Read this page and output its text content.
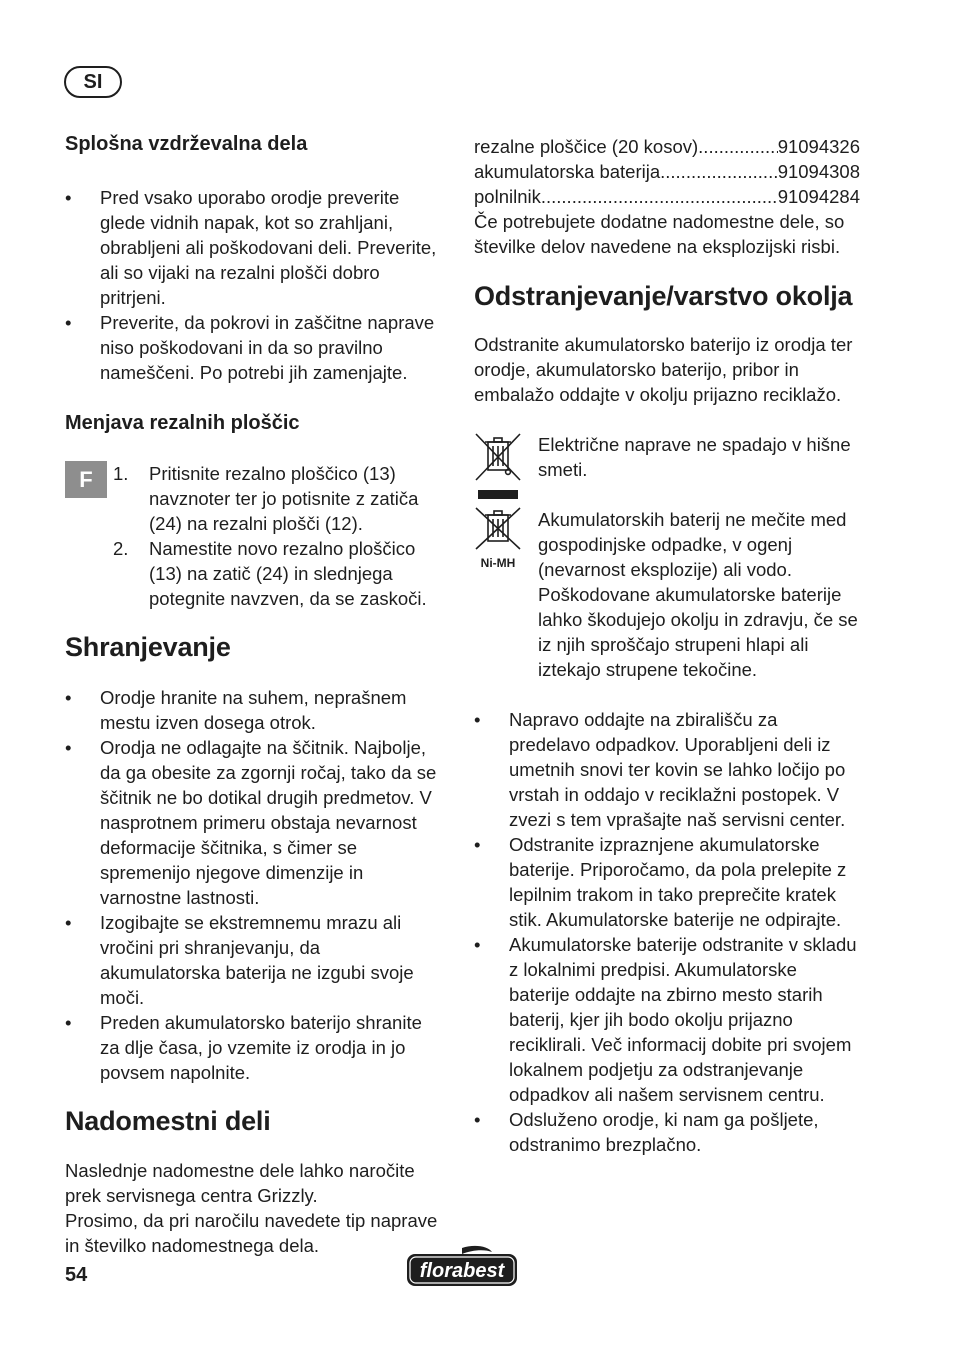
SI
Splošna vzdrževalna dela
• Pred vsako uporabo orodje preverite glede vidnih napak, kot so zrahljani, obrabljeni ali poškodovani deli. Preverite, ali so vijaki na rezalni plošči dobro pritrjeni.
• Preverite, da pokrovi in zaščitne naprave niso poškodovani in da so pravilno nameščeni. Po potrebi jih zamenjajte.
Menjava rezalnih ploščic
F	1. Pritisnite rezalno ploščico (13) navznoter ter jo potisnite z zatiča (24) na rezalni plošči (12).
2. Namestite novo rezalno ploščico (13) na zatič (24) in slednjega potegnite navzven, da se zaskoči.
Shranjevanje
• Orodje hranite na suhem, neprašnem mestu izven dosega otrok.
• Orodja ne odlagajte na ščitnik. Najbolje, da ga obesite za zgornji ročaj, tako da se ščitnik ne bo dotikal drugih predmetov. V nasprotnem primeru obstaja nevarnost deformacije ščitnika, s čimer se spremenijo njegove dimenzije in varnostne lastnosti.
• Izogibajte se ekstremnemu mrazu ali vročini pri shranjevanju, da akumulatorska baterija ne izgubi svoje moči.
• Preden akumulatorsko baterijo shranite za dlje časa, jo vzemite iz orodja in jo povsem napolnite.
Nadomestni deli

Naslednje nadomestne dele lahko naročite prek servisnega centra Grizzly.

Prosimo, da pri naročilu navedete tip naprave in številko nadomestnega dela.

rezalne ploščice (20 kosov) .....	91094326
akumulatorska baterija .....	91094308
polnilnik .....	91094284

Če potrebujete dodatne nadomestne dele, so številke delov navedene na eksplozijski risbi.

Odstranjevanje/varstvo okolja

Odstranite akumulatorsko baterijo iz orodja ter orodje, akumulatorsko baterijo, pribor in embalažo oddajte v okolju prijazno reciklažo.

Električne naprave ne spadajo v hišne smeti.

Ni-MH

Akumulatorskih baterij ne mečite med gospodinjske odpadke, v ogenj (nevarnost eksplozije) ali vodo. Poškodovane akumulatorske baterije lahko škodujejo okolju in zdravju, če se iz njih sproščajo strupeni hlapi ali iztekajo strupene tekočine.

• Napravo oddajte na zbirališču za predelavo odpadkov. Uporabljeni deli iz umetnih snovi ter kovin se lahko ločijo po vrstah in oddajo v reciklažni postopek. V zvezi s tem vprašajte naš servisni center.
• Odstranite izpraznjene akumulatorske baterije. Priporočamo, da pola prelepite z lepilnim trakom in tako preprečite kratek stik. Akumulatorske baterije ne odpirajte.
• Akumulatorske baterije odstranite v skladu z lokalnimi predpisi. Akumulatorske baterije oddajte na zbirno mesto starih baterij, kjer jih bodo okolju prijazno reciklirali. Več informacij dobite pri svojem lokalnem podjetju za odstranjevanje odpadkov ali našem servisnem centru.
• Odsluženo orodje, ki nam ga pošljete, odstranimo brezplačno.
54	florabest
